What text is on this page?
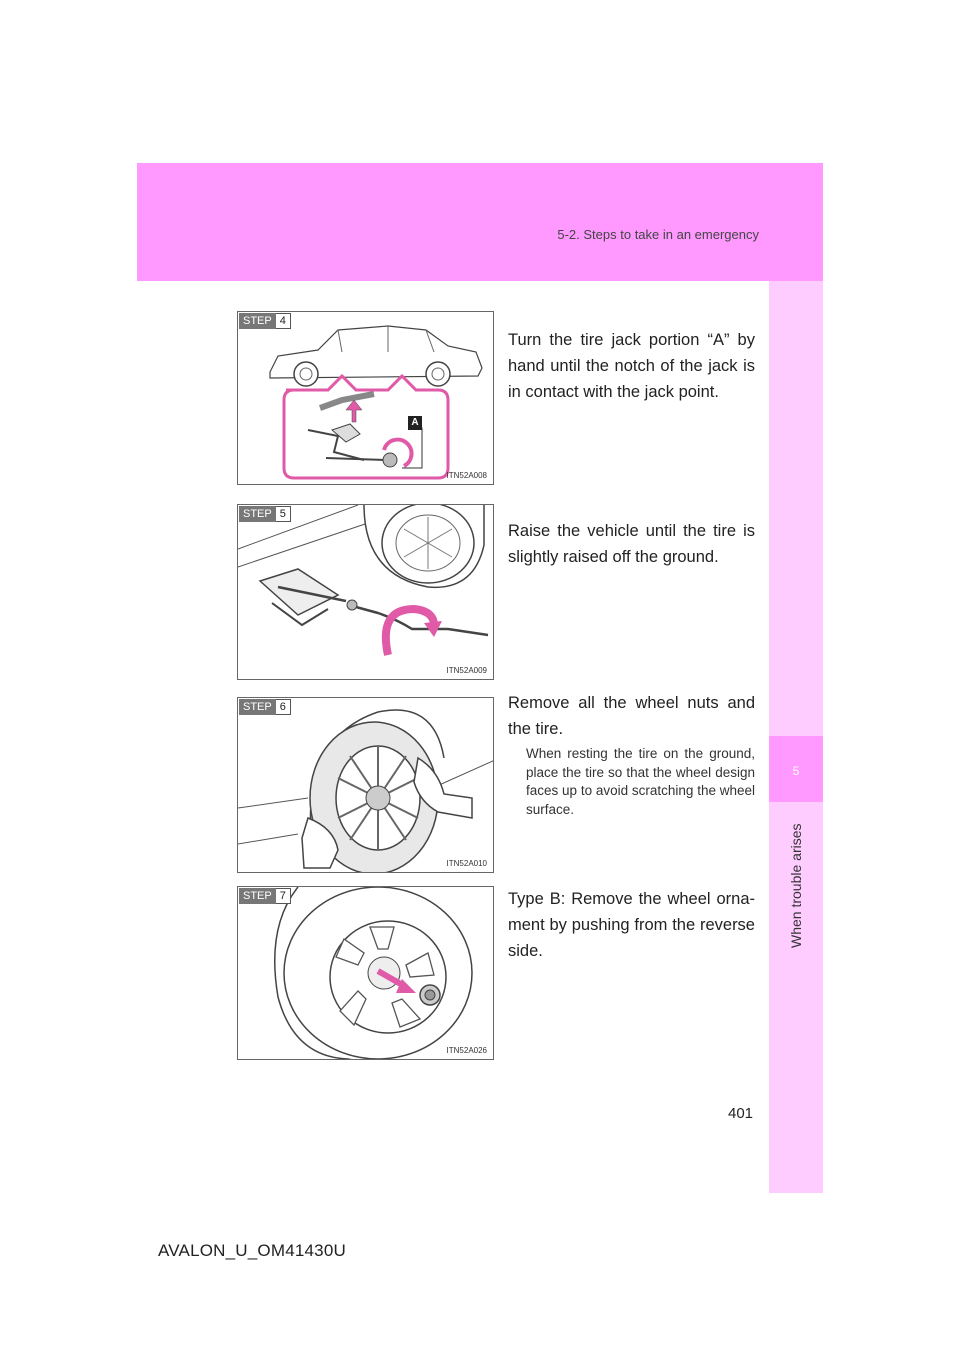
5-2. Steps to take in an emergency
5
When trouble arises
A
STEP 4
ITN52A008

Turn the tire jack portion “A” by hand until the notch of the jack is in contact with the jack point.

STEP 5
ITN52A009

Raise the vehicle until the tire is slightly raised off the ground.

STEP 6
ITN52A010

Remove all the wheel nuts and the tire.

When resting the tire on the ground, place the tire so that the wheel design faces up to avoid scratching the wheel surface.

STEP 7
ITN52A026

Type B: Remove the wheel orna-ment by pushing from the reverse side.

401
AVALON_U_OM41430U
